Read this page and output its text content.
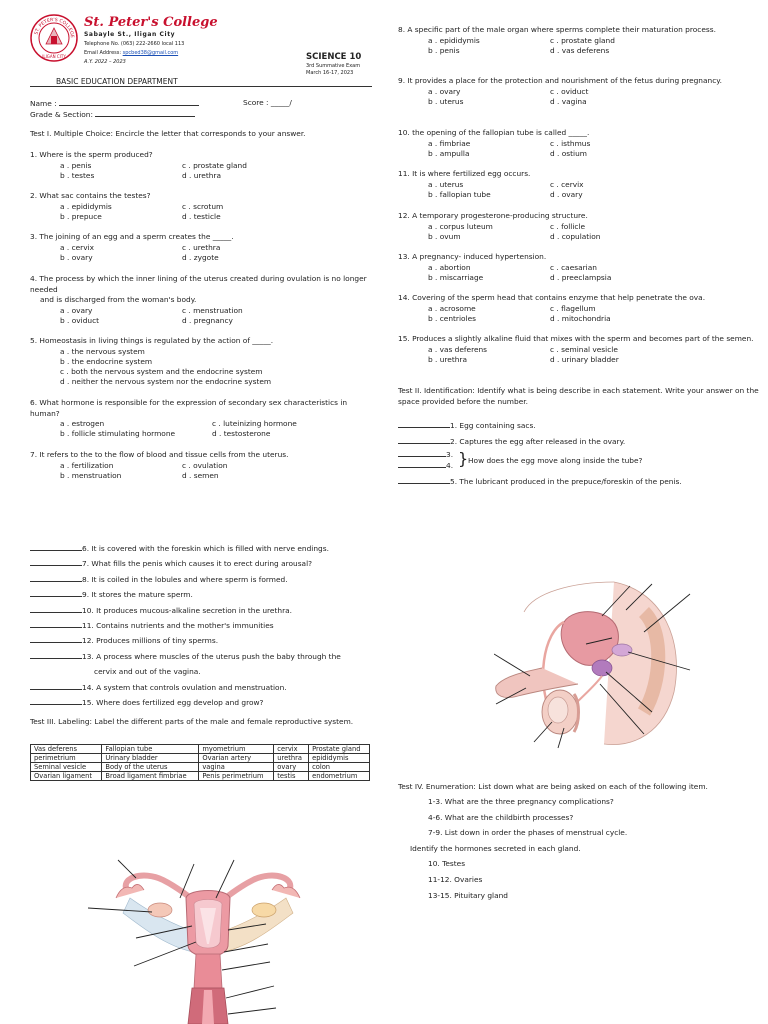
ST. PETER'S COLLEGE
ILIGAN CITY
St. Peter's College
Sabayle St., Iligan City
Telephone No. (063) 222-2660 local 113
Email Address: spcbed38@gmail.com
A.Y. 2022 – 2023	SCIENCE 10
3rd Summative Exam
March 16-17, 2023
BASIC EDUCATION DEPARTMENT
Name :	Score : _____/
Grade & Section:
Test I. Multiple Choice: Encircle the letter that corresponds to your answer.

1. Where is the sperm produced?

a . penis	c . prostate gland
b . testes	d . urethra

2. What sac contains the testes?

a . epididymis	c . scrotum
b . prepuce	d . testicle

3. The joining of an egg and a sperm creates the _____.

a . cervix	c . urethra
b . ovary	d . zygote

4. The process by which the inner lining of the uterus created during ovulation is no longer needed

and is discharged from the woman's body.

a . ovary	c . menstruation
b . oviduct	d . pregnancy

5. Homeostasis in living things is regulated by the action of _____.

a . the nervous system
b . the endocrine system
c . both the nervous system and the endocrine system
d . neither the nervous system nor the endocrine system

6. What hormone is responsible for the expression of secondary sex characteristics in human?

a . estrogen	c . luteinizing hormone
b . follicle stimulating hormone	d . testosterone

7. It refers to the to the flow of blood and tissue cells from the uterus.

a . fertilization	c . ovulation
b . menstruation	d . semen

8. A specific part of the male organ where sperms complete their maturation process.

a . epididymis	c . prostate gland
b . penis	d . vas deferens

9. It provides a place for the protection and nourishment of the fetus during pregnancy.

a . ovary	c . oviduct
b . uterus	d . vagina

10. the opening of the fallopian tube is called _____.

a . fimbriae	c . isthmus
b . ampulla	d . ostium

11. It is where fertilized egg occurs.

a . uterus	c . cervix
b . fallopian tube	d . ovary

12. A temporary progesterone-producing structure.

a . corpus luteum	c . follicle
b . ovum	d . copulation

13. A pregnancy- induced hypertension.

a . abortion	c . caesarian
b . miscarriage	d . preeclampsia

14. Covering of the sperm head that contains enzyme that help penetrate the ova.

a . acrosome	c . flagellum
b . centrioles	d . mitochondria

15. Produces a slightly alkaline fluid that mixes with the sperm and becomes part of the semen.

a . vas deferens	c . seminal vesicle
b . urethra	d . urinary bladder

Test II. Identification: Identify what is being describe in each statement. Write your answer on the space provided before the number.

1. Egg containing sacs.
2. Captures the egg after released in the ovary.
3.
4. } How does the egg move along inside the tube?
5. The lubricant produced in the prepuce/foreskin of the penis.
6. It is covered with the foreskin which is filled with nerve endings.
7. What fills the penis which causes it to erect during arousal?
8. It is coiled in the lobules and where sperm is formed.
9. It stores the mature sperm.
10. It produces mucous-alkaline secretion in the urethra.
11. Contains nutrients and the mother's immunities
12. Produces millions of tiny sperms.
13. A process where muscles of the uterus push the baby through the
cervix and out of the vagina.
14. A system that controls ovulation and menstruation.
15. Where does fertilized egg develop and grow?

Test III. Labeling: Label the different parts of the male and female reproductive system.

Vas deferens	Fallopian tube	myometrium	cervix	Prostate gland
perimetrium	Urinary bladder	Ovarian artery	urethra	epididymis
Seminal vesicle	Body of the uterus	vagina	ovary	colon
Ovarian ligament	Broad ligament fimbriae	Penis perimetrium	testis	endometrium
Test IV. Enumeration: List down what are being asked on each of the following item.
1-3. What are the three pregnancy complications?
4-6. What are the childbirth processes?
7-9. List down in order the phases of menstrual cycle.
Identify the hormones secreted in each gland.
10. Testes
11-12. Ovaries
13-15. Pituitary gland
